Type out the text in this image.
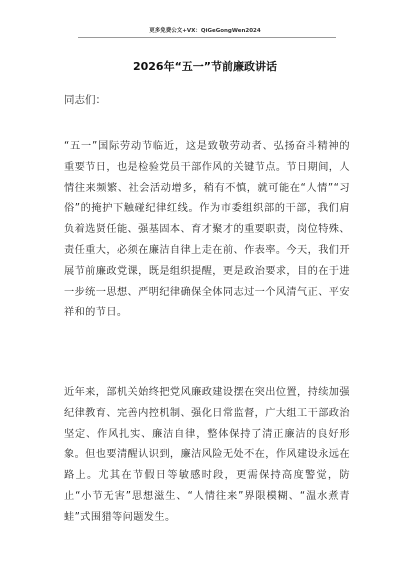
更多免费公文+VX：QiGeGongWen2024
2026年“五一”节前廉政讲话
同志们：
“五一”国际劳动节临近，这是致敬劳动者、弘扬奋斗精神的重要节日，也是检验党员干部作风的关键节点。节日期间，人情往来频繁、社会活动增多，稍有不慎，就可能在“人情”“习俗”的掩护下触碰纪律红线。作为市委组织部的干部，我们肩负着选贤任能、强基固本、育才聚才的重要职责，岗位特殊、责任重大，必须在廉洁自律上走在前、作表率。今天，我们开展节前廉政党课，既是组织提醒，更是政治要求，目的在于进一步统一思想、严明纪律确保全体同志过一个风清气正、平安祥和的节日。
近年来，部机关始终把党风廉政建设摆在突出位置，持续加强纪律教育、完善内控机制、强化日常监督，广大组工干部政治坚定、作风扎实、廉洁自律，整体保持了清正廉洁的良好形象。但也要清醒认识到，廉洁风险无处不在，作风建设永远在路上。尤其在节假日等敏感时段，更需保持高度警觉，防止“小节无害”思想滋生、“人情往来”界限模糊、“温水煮青蛙”式围猎等问题发生。
